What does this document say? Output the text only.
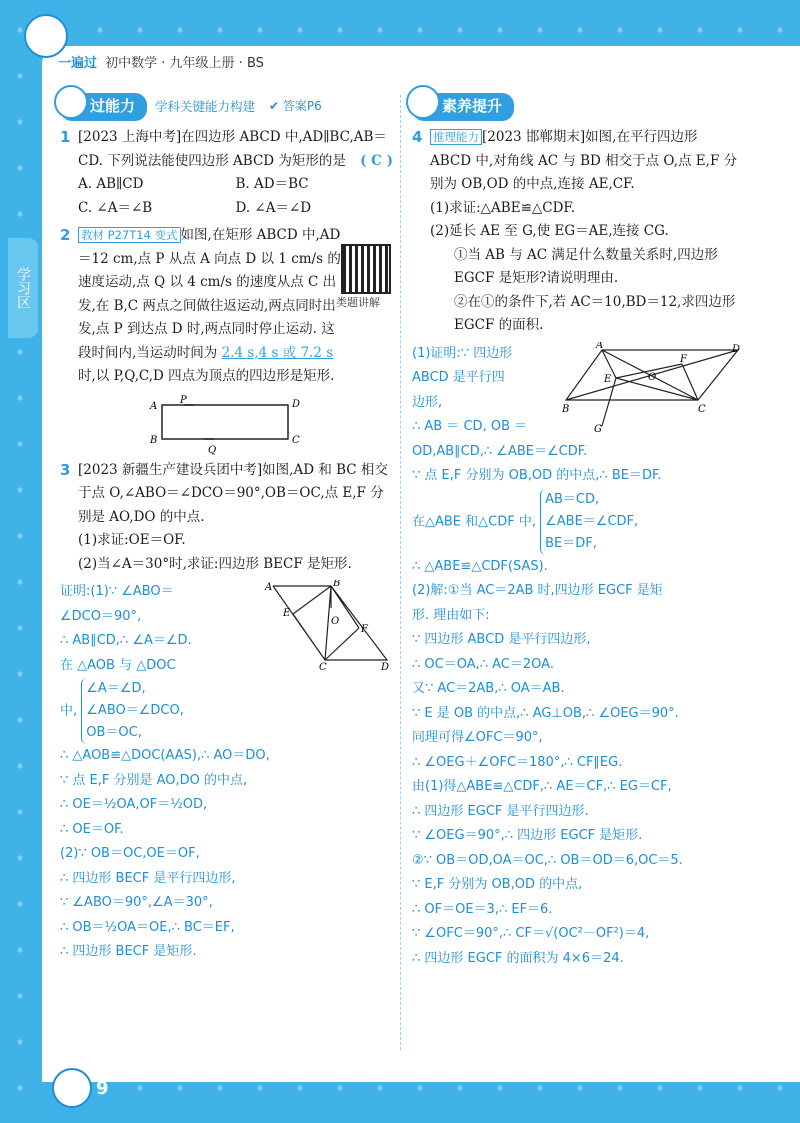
一遍过 初中数学 · 九年级上册 · BS
学习区
过能力	学科关键能力构建 ✔ 答案P6
1 [2023 上海中考]在四边形 ABCD 中,AD∥BC,AB＝CD. 下列说法能使四边形 ABCD 为矩形的是 ( C )
A. AB∥CD	B. AD＝BC
C. ∠A＝∠B	D. ∠A＝∠D
2 教材 P27T14 变式 如图,在矩形 ABCD 中,AD＝12 cm,点 P 从点 A 向点 D 以 1 cm/s 的速度运动,点 Q 以 4 cm/s 的速度从点 C 出发,在 B,C 两点之间做往返运动,两点同时出发,点 P 到达点 D 时,两点同时停止运动. 这段时间内,当运动时间为 2.4 s,4 s 或 7.2 s时,以 P,Q,C,D 四点为顶点的四边形是矩形.
P	D
A
B
Q
C
3 [2023 新疆生产建设兵团中考]如图,AD 和 BC 相交于点 O,∠ABO＝∠DCO＝90°,OB＝OC,点 E,F 分别是 AO,DO 的中点.
(1)求证:OE＝OF.
(2)当∠A＝30°时,求证:四边形 BECF 是矩形.
A	B
E
O
F
C	D
证明:(1)∵ ∠ABO＝
∠DCO＝90°,
∴ AB∥CD,∴ ∠A＝∠D.
在 △AOB 与 △DOC
中,
∠A＝∠D,
∠ABO＝∠DCO,
OB＝OC,
∴ △AOB≌△DOC(AAS),∴ AO＝DO,
∵ 点 E,F 分别是 AO,DO 的中点,
∴ OE＝½OA,OF＝½OD,
∴ OE＝OF.
(2)∵ OB＝OC,OE＝OF,
∴ 四边形 BECF 是平行四边形,
∵ ∠ABO＝90°,∠A＝30°,
∴ OB＝½OA＝OE,∴ BC＝EF,
∴ 四边形 BECF 是矩形.
类题讲解
素养提升
4 推理能力 [2023 邯郸期末]如图,在平行四边形 ABCD 中,对角线 AC 与 BD 相交于点 O,点 E,F 分别为 OB,OD 的中点,连接 AE,CF.
(1)求证:△ABE≌△CDF.
(2)延长 AE 至 G,使 EG＝AE,连接 CG.
①当 AB 与 AC 满足什么数量关系时,四边形 EGCF 是矩形?请说明理由.
②在①的条件下,若 AC＝10,BD＝12,求四边形 EGCF 的面积.
A	D
F
E	O
B	C
G
(1)证明:∵ 四边形
ABCD 是平行四
边形,
∴ AB ＝ CD, OB ＝
OD,AB∥CD,∴ ∠ABE＝∠CDF.
∵ 点 E,F 分别为 OB,OD 的中点,∴ BE＝DF.
在△ABE 和△CDF 中,
AB＝CD,
∠ABE＝∠CDF,
BE＝DF,
∴ △ABE≌△CDF(SAS).
(2)解:①当 AC＝2AB 时,四边形 EGCF 是矩
形. 理由如下:
∵ 四边形 ABCD 是平行四边形,
∴ OC＝OA,∴ AC＝2OA.
又∵ AC＝2AB,∴ OA＝AB.
∵ E 是 OB 的中点,∴ AG⊥OB,∴ ∠OEG＝90°.
同理可得∠OFC＝90°,
∴ ∠OEG＋∠OFC＝180°,∴ CF∥EG.
由(1)得△ABE≌△CDF,∴ AE＝CF,∴ EG＝CF,
∴ 四边形 EGCF 是平行四边形.
∵ ∠OEG＝90°,∴ 四边形 EGCF 是矩形.
②∵ OB＝OD,OA＝OC,∴ OB＝OD＝6,OC＝5.
∵ E,F 分别为 OB,OD 的中点,
∴ OF＝OE＝3,∴ EF＝6.
∵ ∠OFC＝90°,∴ CF＝√(OC²－OF²)＝4,
∴ 四边形 EGCF 的面积为 4×6＝24.
9
